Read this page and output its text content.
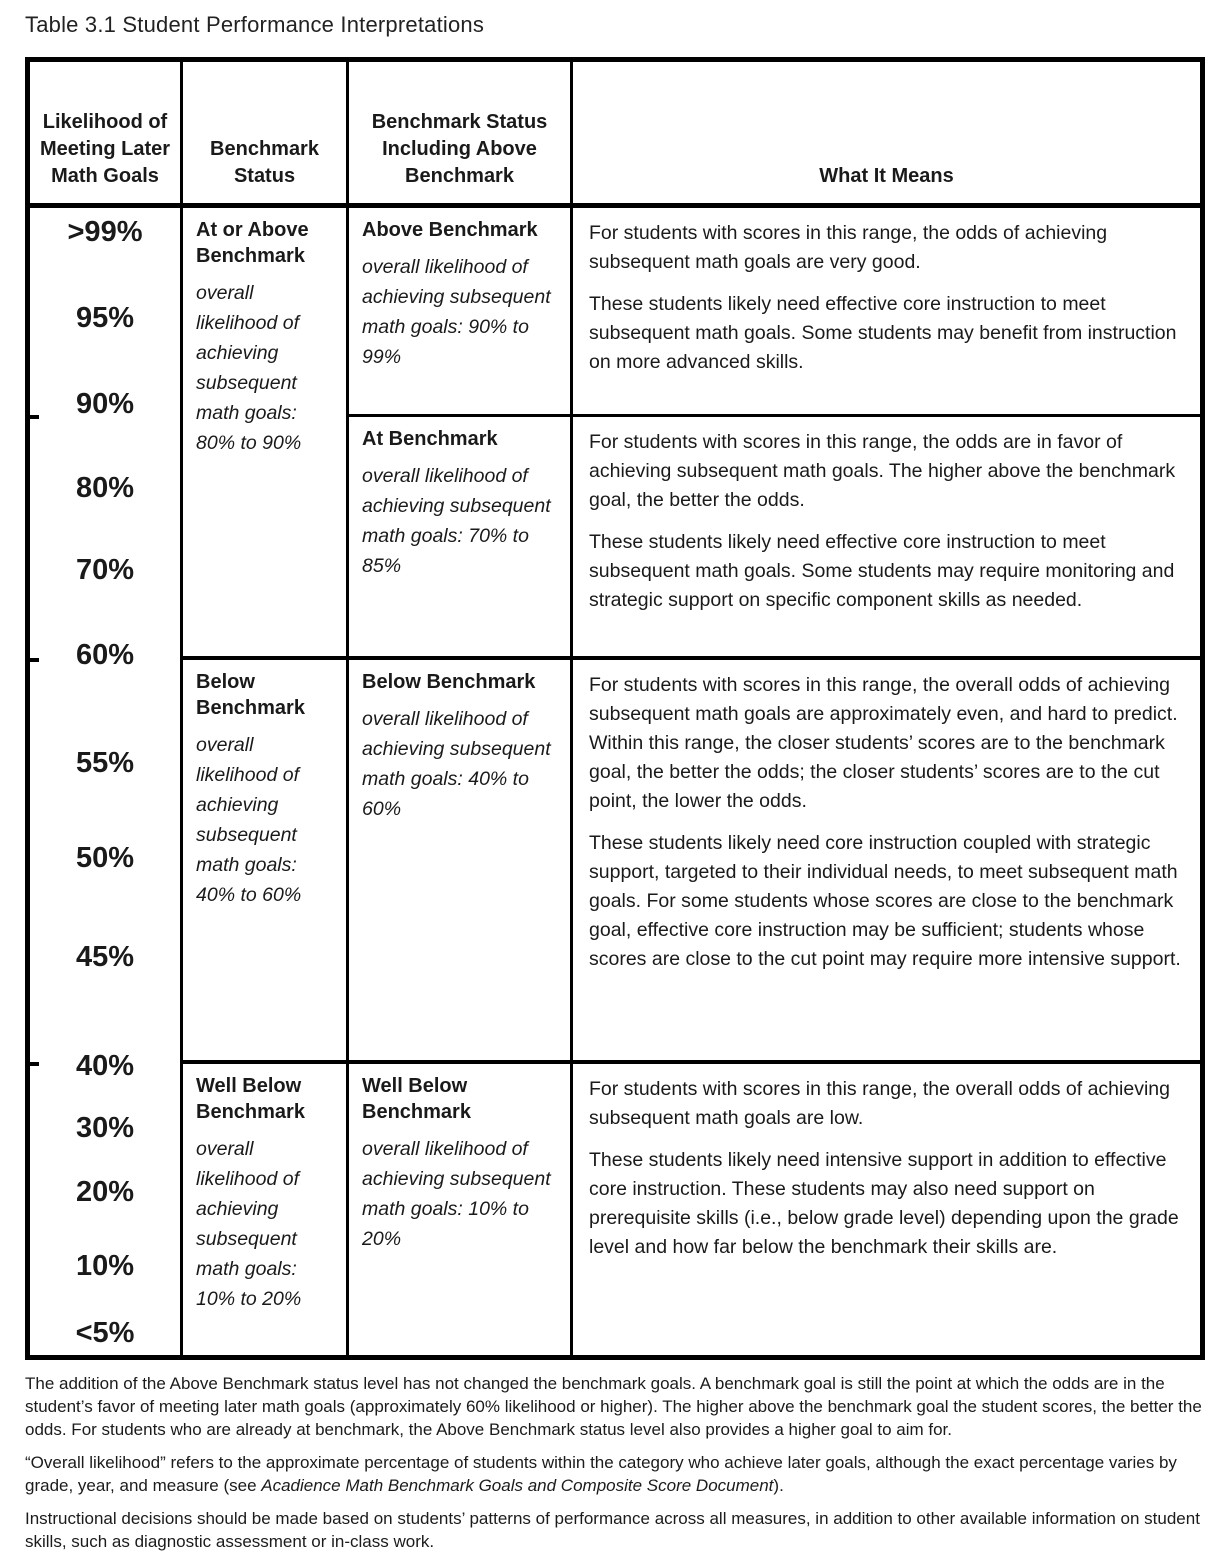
Table 3.1 Student Performance Interpretations
Likelihood of Meeting Later Math Goals
Benchmark Status
Benchmark Status Including Above Benchmark	What It Means
>99%
95%
90%
80%
70%
60%
55%
50%
45%
40%
30%
20%
10%
<5%

At or Above Benchmark

overall likelihood of achieving subsequent math goals: 80% to 90%

Above Benchmark

overall likelihood of achieving subsequent math goals: 90% to 99%

For students with scores in this range, the odds of achieving subsequent math goals are very good.

These students likely need effective core instruction to meet subsequent math goals. Some students may benefit from instruction on more advanced skills.

At Benchmark

overall likelihood of achieving subsequent math goals: 70% to 85%

For students with scores in this range, the odds are in favor of achieving subsequent math goals. The higher above the benchmark goal, the better the odds.

These students likely need effective core instruction to meet subsequent math goals. Some students may require monitoring and strategic support on specific component skills as needed.

Below Benchmark

overall likelihood of achieving subsequent math goals: 40% to 60%

Below Benchmark

overall likelihood of achieving subsequent math goals: 40% to 60%

For students with scores in this range, the overall odds of achieving subsequent math goals are approximately even, and hard to predict. Within this range, the closer students’ scores are to the benchmark goal, the better the odds; the closer students’ scores are to the cut point, the lower the odds.

These students likely need core instruction coupled with strategic support, targeted to their individual needs, to meet subsequent math goals. For some students whose scores are close to the benchmark goal, effective core instruction may be sufficient; students whose scores are close to the cut point may require more intensive support.

Well Below Benchmark

overall likelihood of achieving subsequent math goals: 10% to 20%

Well Below Benchmark

overall likelihood of achieving subsequent math goals: 10% to 20%

For students with scores in this range, the overall odds of achieving subsequent math goals are low.

These students likely need intensive support in addition to effective core instruction. These students may also need support on prerequisite skills (i.e., below grade level) depending upon the grade level and how far below the benchmark their skills are.

The addition of the Above Benchmark status level has not changed the benchmark goals. A benchmark goal is still the point at which the odds are in the student’s favor of meeting later math goals (approximately 60% likelihood or higher). The higher above the benchmark goal the student scores, the better the odds. For students who are already at benchmark, the Above Benchmark status level also provides a higher goal to aim for.

“Overall likelihood” refers to the approximate percentage of students within the category who achieve later goals, although the exact percentage varies by grade, year, and measure (see Acadience Math Benchmark Goals and Composite Score Document).

Instructional decisions should be made based on students’ patterns of performance across all measures, in addition to other available information on student skills, such as diagnostic assessment or in-class work.
